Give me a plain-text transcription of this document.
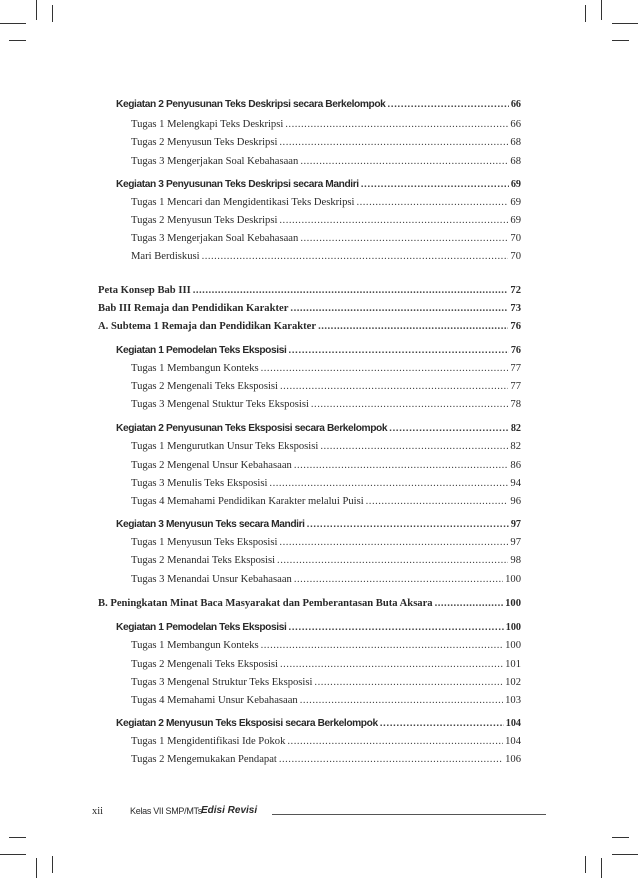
Kegiatan 2 Penyusunan Teks Deskripsi secara Berkelompok .....	66
Tugas 1 Melengkapi Teks Deskripsi .....	66
Tugas 2 Menyusun Teks Deskripsi .....	68
Tugas 3 Mengerjakan Soal Kebahasaan .....	68
Kegiatan 3 Penyusunan Teks Deskripsi secara Mandiri .....	69
Tugas 1 Mencari dan Mengidentikasi Teks Deskripsi .....	69
Tugas 2 Menyusun Teks Deskripsi .....	69
Tugas 3 Mengerjakan Soal Kebahasaan .....	70
Mari Berdiskusi .....	70
Peta Konsep Bab III .....	72
Bab III Remaja dan Pendidikan Karakter .....	73
A. Subtema 1 Remaja dan Pendidikan Karakter .....	76
Kegiatan 1 Pemodelan Teks Eksposisi .....	76
Tugas 1 Membangun Konteks .....	77
Tugas 2 Mengenali Teks Eksposisi .....	77
Tugas 3 Mengenal Stuktur Teks Eksposisi .....	78
Kegiatan 2 Penyusunan Teks Eksposisi secara Berkelompok .....	82
Tugas 1 Mengurutkan Unsur Teks Eksposisi .....	82
Tugas 2 Mengenal Unsur Kebahasaan .....	86
Tugas 3 Menulis Teks Eksposisi .....	94
Tugas 4 Memahami Pendidikan Karakter melalui Puisi .....	96
Kegiatan 3 Menyusun Teks secara Mandiri .....	97
Tugas 1 Menyusun Teks Eksposisi .....	97
Tugas 2 Menandai Teks Eksposisi .....	98
Tugas 3 Menandai Unsur Kebahasaan .....	100
B. Peningkatan Minat Baca Masyarakat dan Pemberantasan Buta Aksara .....	100
Kegiatan 1 Pemodelan Teks Eksposisi .....	100
Tugas 1 Membangun Konteks .....	100
Tugas 2 Mengenali Teks Eksposisi .....	101
Tugas 3 Mengenal Struktur Teks Eksposisi .....	102
Tugas 4 Memahami Unsur Kebahasaan .....	103
Kegiatan 2 Menyusun Teks Eksposisi secara Berkelompok .....	104
Tugas 1 Mengidentifikasi Ide Pokok .....	104
Tugas 2 Mengemukakan Pendapat .....	106
xii	Kelas VII SMP/MTs Edisi Revisi
